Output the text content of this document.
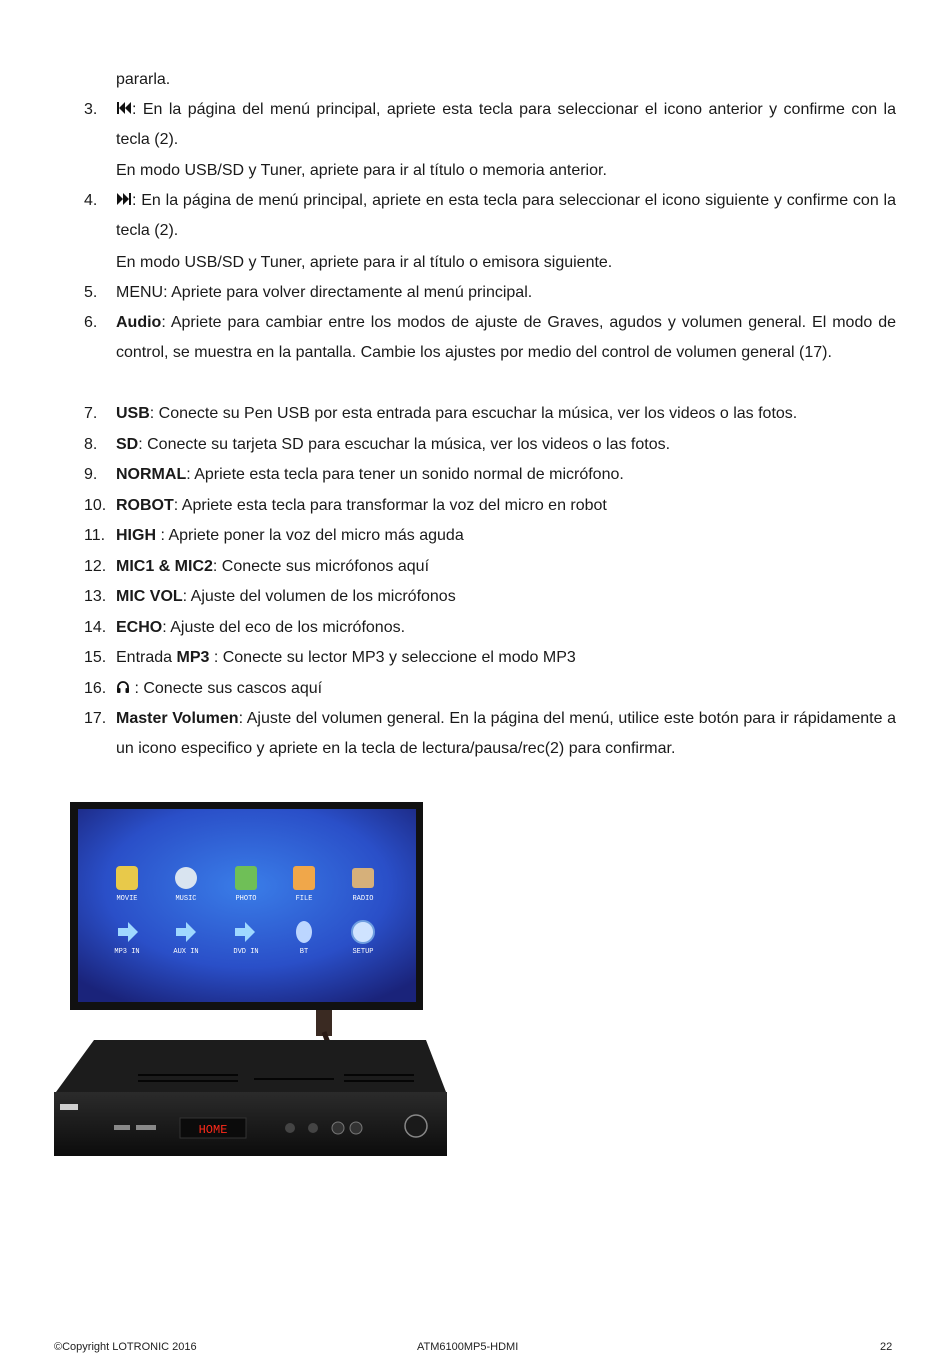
pararla.
3.	: En la página del menú principal, apriete esta tecla para seleccionar el icono anterior y confirme con la tecla (2).
En modo USB/SD y Tuner, apriete para ir al título o memoria anterior.
4.	: En la página de menú principal, apriete en esta tecla para seleccionar el icono siguiente y confirme con la tecla (2).
En modo USB/SD y Tuner, apriete para ir al título o emisora siguiente.
5.	MENU: Apriete para volver directamente al menú principal.
6.	Audio: Apriete para cambiar entre los modos de ajuste de Graves, agudos y volumen general. El modo de control, se muestra en la pantalla. Cambie los ajustes por medio del control de volumen general (17).
7.	USB: Conecte su Pen USB por esta entrada para escuchar la música, ver los videos o las fotos.
8.	SD: Conecte su tarjeta SD para escuchar la música, ver los videos o las fotos.
9.	NORMAL: Apriete esta tecla para tener un sonido normal de micrófono.
10. ROBOT: Apriete esta tecla para transformar la voz del micro en robot
11. HIGH : Apriete poner la voz del micro más aguda
12. MIC1 & MIC2: Conecte sus micrófonos aquí
13. MIC VOL: Ajuste del volumen de los micrófonos
14. ECHO: Ajuste del eco de los micrófonos.
15. Entrada MP3 : Conecte su lector MP3 y seleccione el modo MP3
16.	: Conecte sus cascos aquí
17. Master Volumen: Ajuste del volumen general. En la página del menú, utilice este botón para ir rápidamente a un icono especifico y apriete en la tecla de lectura/pausa/rec(2) para confirmar.
MOVIE	MUSIC	PHOTO	FILE	RADIO
MP3 IN	AUX IN	DVD IN	BT	SETUP
HOME
©Copyright LOTRONIC 2016	ATM6100MP5-HDMI	22
